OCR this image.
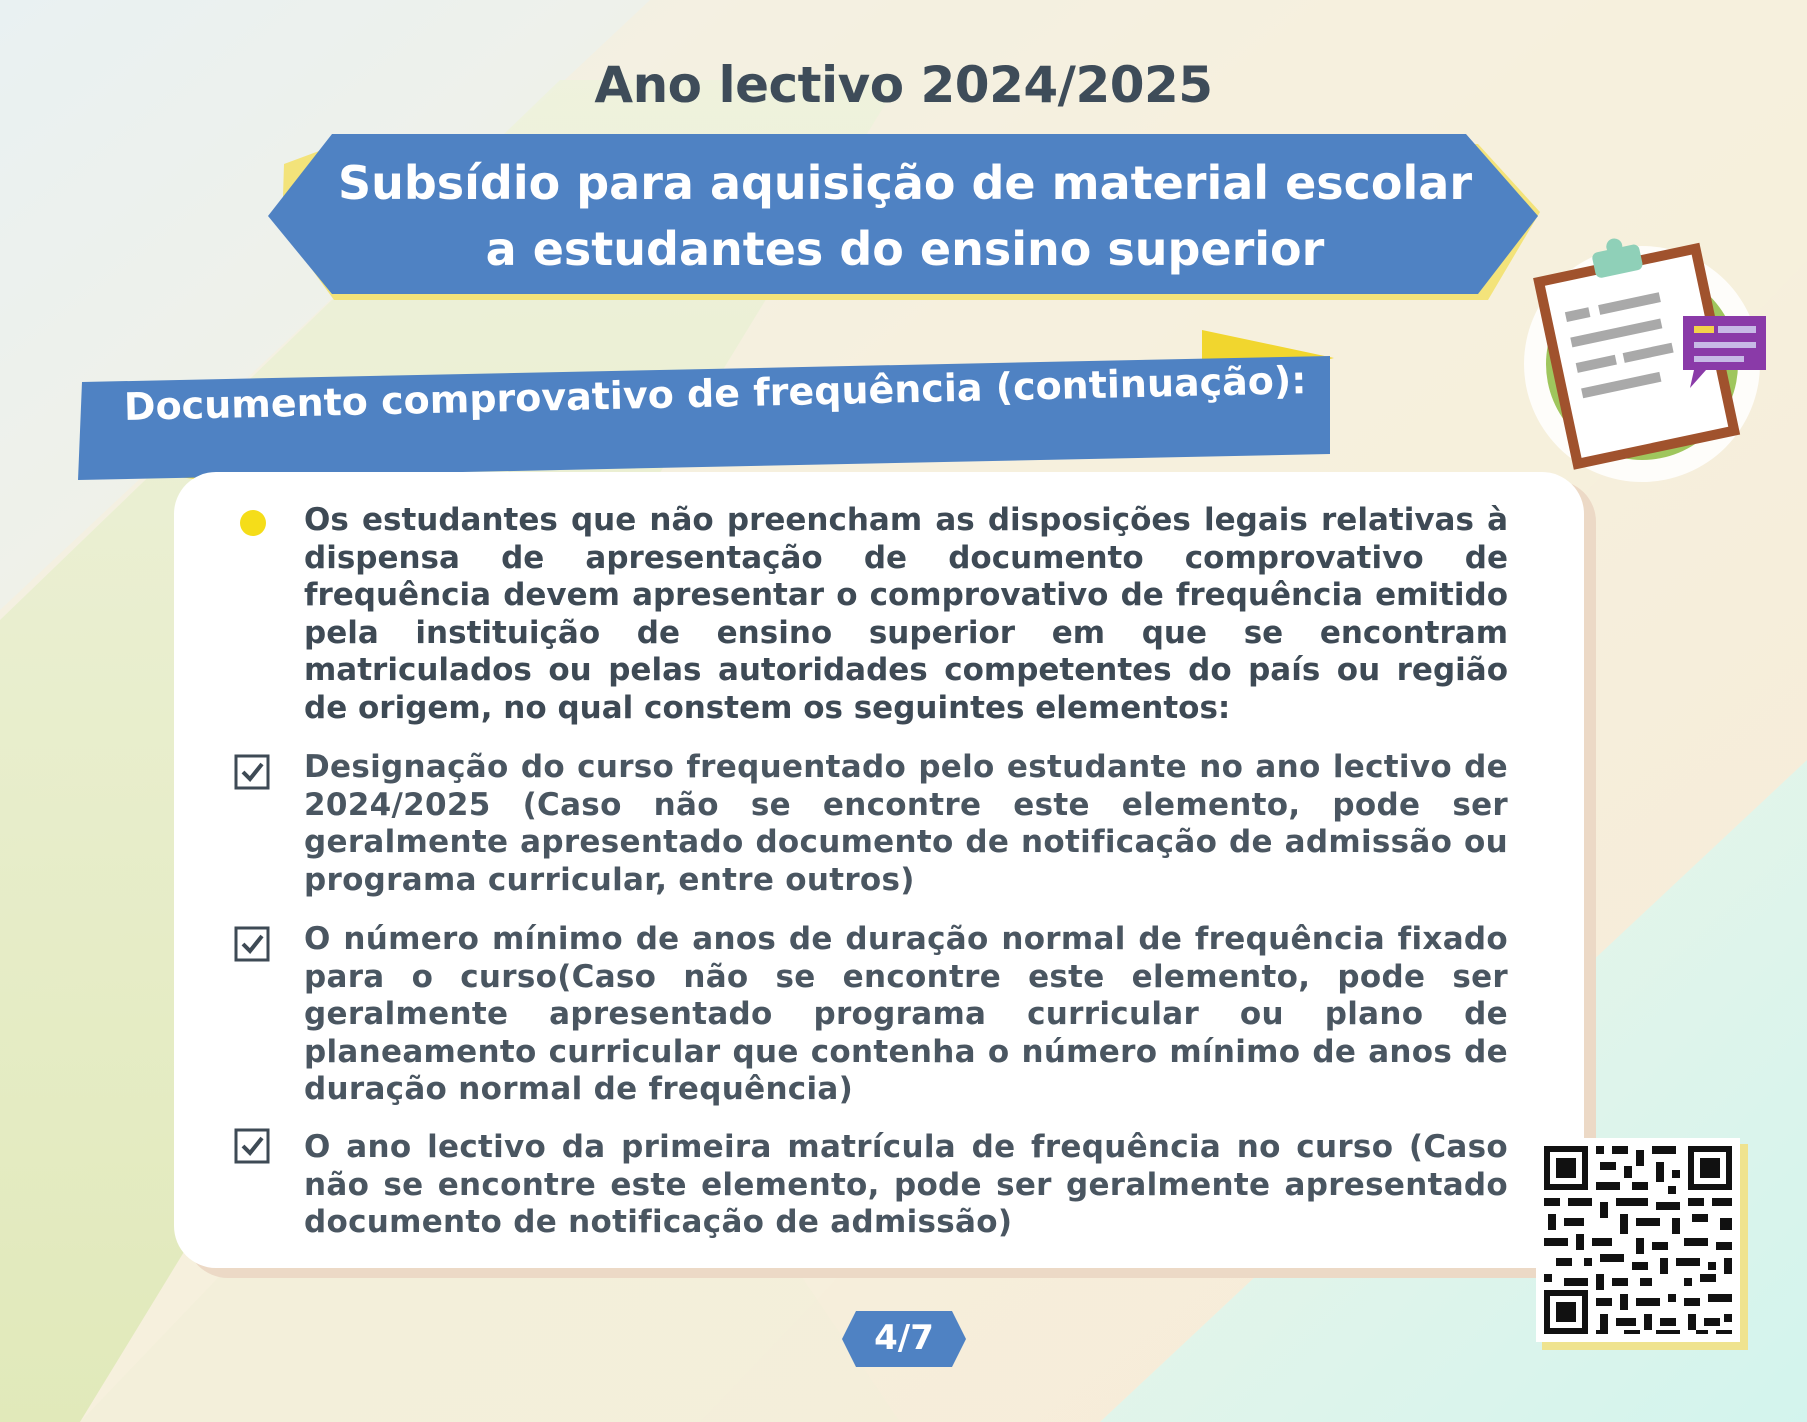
Ano lectivo 2024/2025
Subsídio para aquisição de material escolar a estudantes do ensino superior
Documento comprovativo de frequência (continuação):
Os estudantes que não preencham as disposições legais relativas à dispensa de apresentação de documento comprovativo de frequência devem apresentar o comprovativo de frequência emitido pela instituição de ensino superior em que se encontram matriculados ou pelas autoridades competentes do país ou região de origem, no qual constem os seguintes elementos:
Designação do curso frequentado pelo estudante no ano lectivo de 2024/2025 (Caso não se encontre este elemento, pode ser geralmente apresentado documento de notificação de admissão ou programa curricular, entre outros)
O número mínimo de anos de duração normal de frequência fixado para o curso(Caso não se encontre este elemento, pode ser geralmente apresentado programa curricular ou plano de planeamento curricular que contenha o número mínimo de anos de duração normal de frequência)
O ano lectivo da primeira matrícula de frequência no curso (Caso não se encontre este elemento, pode ser geralmente apresentado documento de notificação de admissão)
4/7
